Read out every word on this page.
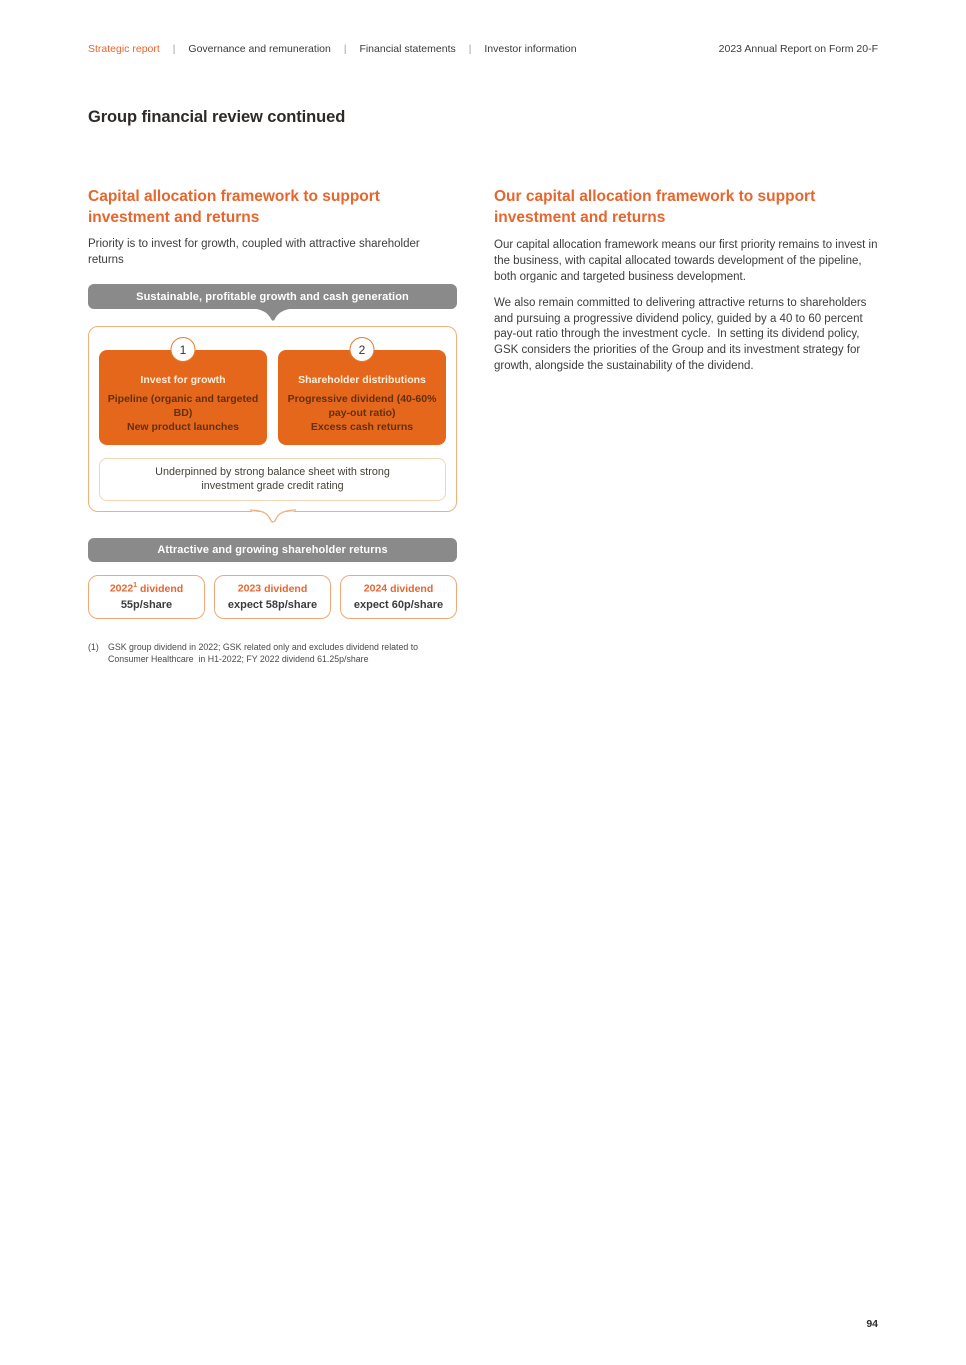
Strategic report | Governance and remuneration | Financial statements | Investor information	2023 Annual Report on Form 20-F
Group financial review continued
Capital allocation framework to support investment and returns
Priority is to invest for growth, coupled with attractive shareholder returns
Sustainable, profitable growth and cash generation
1
Invest for growth
Pipeline (organic and targeted BD)
New product launches
2
Shareholder distributions
Progressive dividend (40-60% pay-out ratio)
Excess cash returns
Underpinned by strong balance sheet with strong investment grade credit rating
Attractive and growing shareholder returns
2022$^1$ dividend
55p/share
2023 dividend
expect 58p/share
2024 dividend
expect 60p/share
(1)	GSK group dividend in 2022; GSK related only and excludes dividend related to Consumer Healthcare  in H1-2022; FY 2022 dividend 61.25p/share
Our capital allocation framework to support investment and returns
Our capital allocation framework means our first priority remains to invest in the business, with capital allocated towards development of the pipeline, both organic and targeted business development.
We also remain committed to delivering attractive returns to shareholders and pursuing a progressive dividend policy, guided by a 40 to 60 percent pay-out ratio through the investment cycle.  In setting its dividend policy, GSK considers the priorities of the Group and its investment strategy for growth, alongside the sustainability of the dividend.
94
